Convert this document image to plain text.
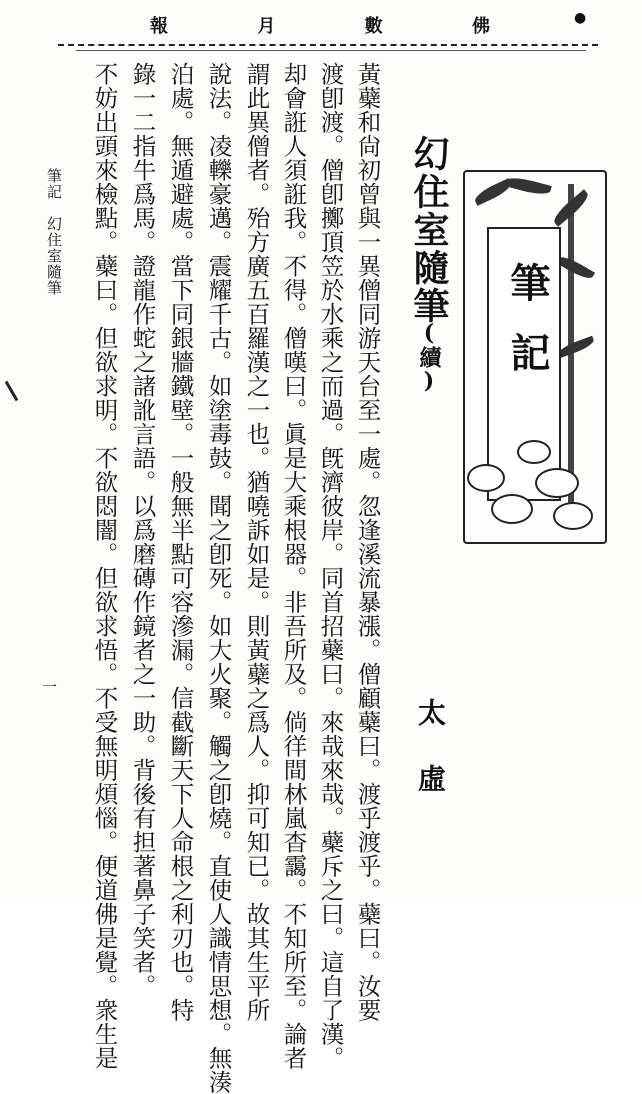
佛
數
月
報	●
筆記
幻住室隨筆
(續)
太虛
黃蘗和尙初曾與一異僧同游天台至一處。忽逢溪流暴漲。僧顧蘗曰。渡乎渡乎。蘗曰。汝要
渡卽渡。僧卽擲頂笠於水乘之而過。旣濟彼岸。同首招蘗曰。來哉來哉。蘗斥之曰。這自了漢。
却會誑人須誑我。不得。僧嘆曰。眞是大乘根器。非吾所及。倘徉間林嵐杳靄。不知所至。論者
謂此異僧者。殆方廣五百羅漢之一也。猶嘵訴如是。則黃蘗之爲人。抑可知已。故其生平所
說法。凌轢豪邁。震耀千古。如塗毒鼓。聞之卽死。如大火聚。觸之卽燒。直使人識情思想。無湊
泊處。無遁避處。當下同銀牆鐵壁。一般無半點可容滲漏。信截斷天下人命根之利刃也。特
錄一二指牛爲馬。證龍作蛇之諸訛言語。以爲磨磚作鏡者之一助。背後有担著鼻子笑者。
不妨出頭來檢點。蘗曰。但欲求明。不欲悶闇。但欲求悟。不受無明煩惱。便道佛是覺。衆生是
筆記　幻住室隨筆
一
